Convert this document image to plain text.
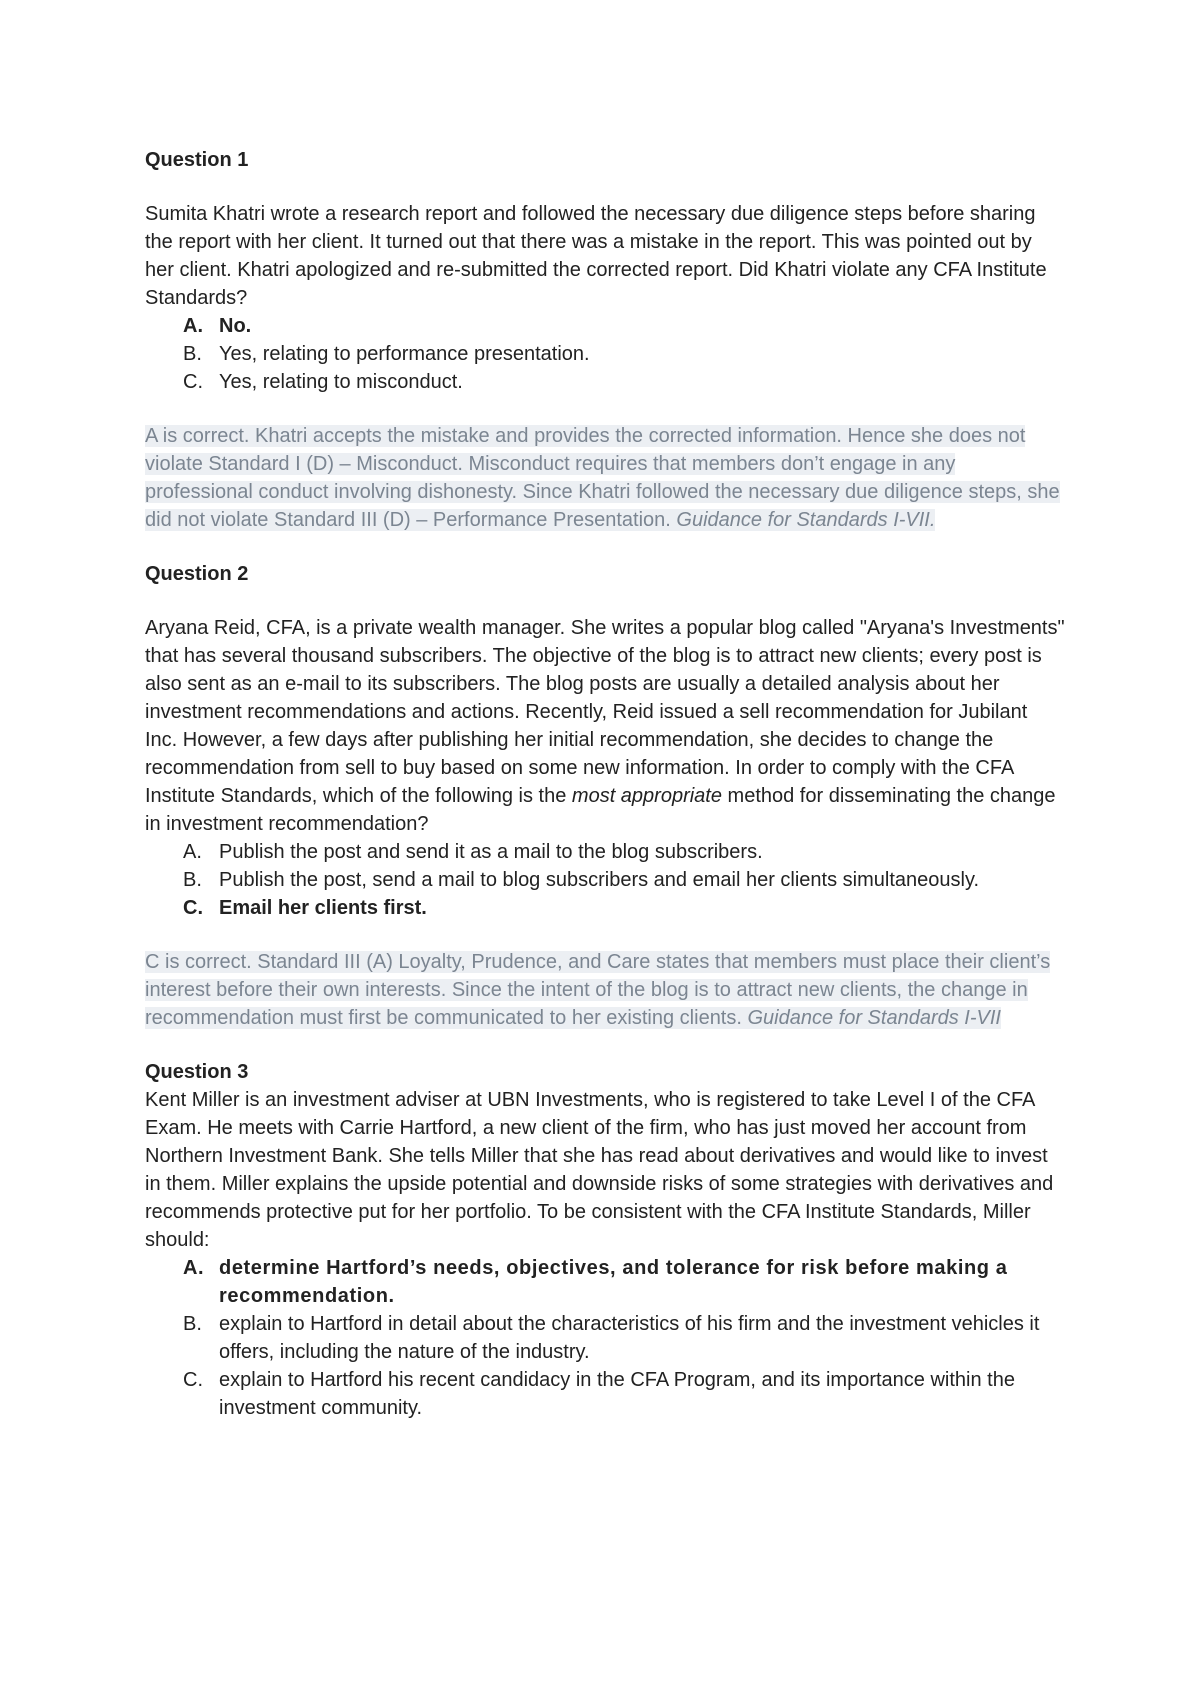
Question 1

Sumita Khatri wrote a research report and followed the necessary due diligence steps before sharing the report with her client. It turned out that there was a mistake in the report. This was pointed out by her client. Khatri apologized and re-submitted the corrected report. Did Khatri violate any CFA Institute Standards?

A. No.
B. Yes, relating to performance presentation.
C. Yes, relating to misconduct.

A is correct. Khatri accepts the mistake and provides the corrected information. Hence she does not violate Standard I (D) – Misconduct. Misconduct requires that members don’t engage in any professional conduct involving dishonesty. Since Khatri followed the necessary due diligence steps, she did not violate Standard III (D) – Performance Presentation. Guidance for Standards I-VII.

Question 2

Aryana Reid, CFA, is a private wealth manager. She writes a popular blog called "Aryana's Investments" that has several thousand subscribers. The objective of the blog is to attract new clients; every post is also sent as an e-mail to its subscribers. The blog posts are usually a detailed analysis about her investment recommendations and actions. Recently, Reid issued a sell recommendation for Jubilant Inc. However, a few days after publishing her initial recommendation, she decides to change the recommendation from sell to buy based on some new information. In order to comply with the CFA Institute Standards, which of the following is the most appropriate method for disseminating the change in investment recommendation?

A. Publish the post and send it as a mail to the blog subscribers.
B. Publish the post, send a mail to blog subscribers and email her clients simultaneously.
C. Email her clients first.

C is correct. Standard III (A) Loyalty, Prudence, and Care states that members must place their client’s interest before their own interests. Since the intent of the blog is to attract new clients, the change in recommendation must first be communicated to her existing clients. Guidance for Standards I-VII

Question 3

Kent Miller is an investment adviser at UBN Investments, who is registered to take Level I of the CFA Exam. He meets with Carrie Hartford, a new client of the firm, who has just moved her account from Northern Investment Bank. She tells Miller that she has read about derivatives and would like to invest in them. Miller explains the upside potential and downside risks of some strategies with derivatives and recommends protective put for her portfolio. To be consistent with the CFA Institute Standards, Miller should:

A. determine Hartford’s needs, objectives, and tolerance for risk before making a recommendation.
B. explain to Hartford in detail about the characteristics of his firm and the investment vehicles it offers, including the nature of the industry.
C. explain to Hartford his recent candidacy in the CFA Program, and its importance within the investment community.
